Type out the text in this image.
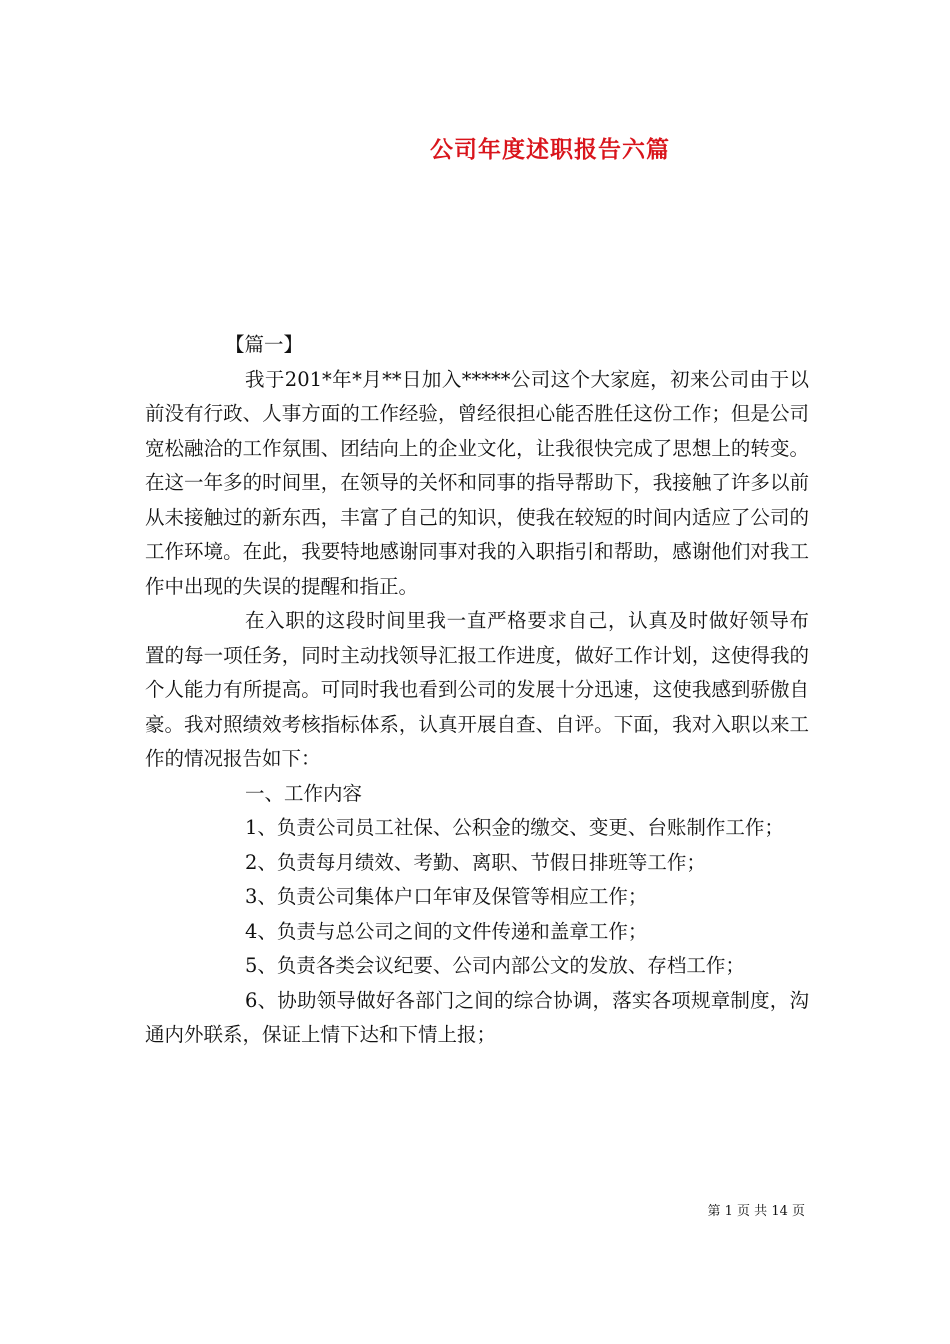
公司年度述职报告六篇

【篇一】

我于201*年*月**日加入*****公司这个大家庭，初来公司由于以前没有行政、人事方面的工作经验，曾经很担心能否胜任这份工作；但是公司宽松融洽的工作氛围、团结向上的企业文化，让我很快完成了思想上的转变。在这一年多的时间里，在领导的关怀和同事的指导帮助下，我接触了许多以前从未接触过的新东西，丰富了自己的知识，使我在较短的时间内适应了公司的工作环境。在此，我要特地感谢同事对我的入职指引和帮助，感谢他们对我工作中出现的失误的提醒和指正。

在入职的这段时间里我一直严格要求自己，认真及时做好领导布置的每一项任务，同时主动找领导汇报工作进度，做好工作计划，这使得我的个人能力有所提高。可同时我也看到公司的发展十分迅速，这使我感到骄傲自豪。我对照绩效考核指标体系，认真开展自查、自评。下面，我对入职以来工作的情况报告如下：

一、工作内容

1、负责公司员工社保、公积金的缴交、变更、台账制作工作；

2、负责每月绩效、考勤、离职、节假日排班等工作；

3、负责公司集体户口年审及保管等相应工作；

4、负责与总公司之间的文件传递和盖章工作；

5、负责各类会议纪要、公司内部公文的发放、存档工作；

6、协助领导做好各部门之间的综合协调，落实各项规章制度，沟通内外联系，保证上情下达和下情上报；

第 1 页 共 14 页
